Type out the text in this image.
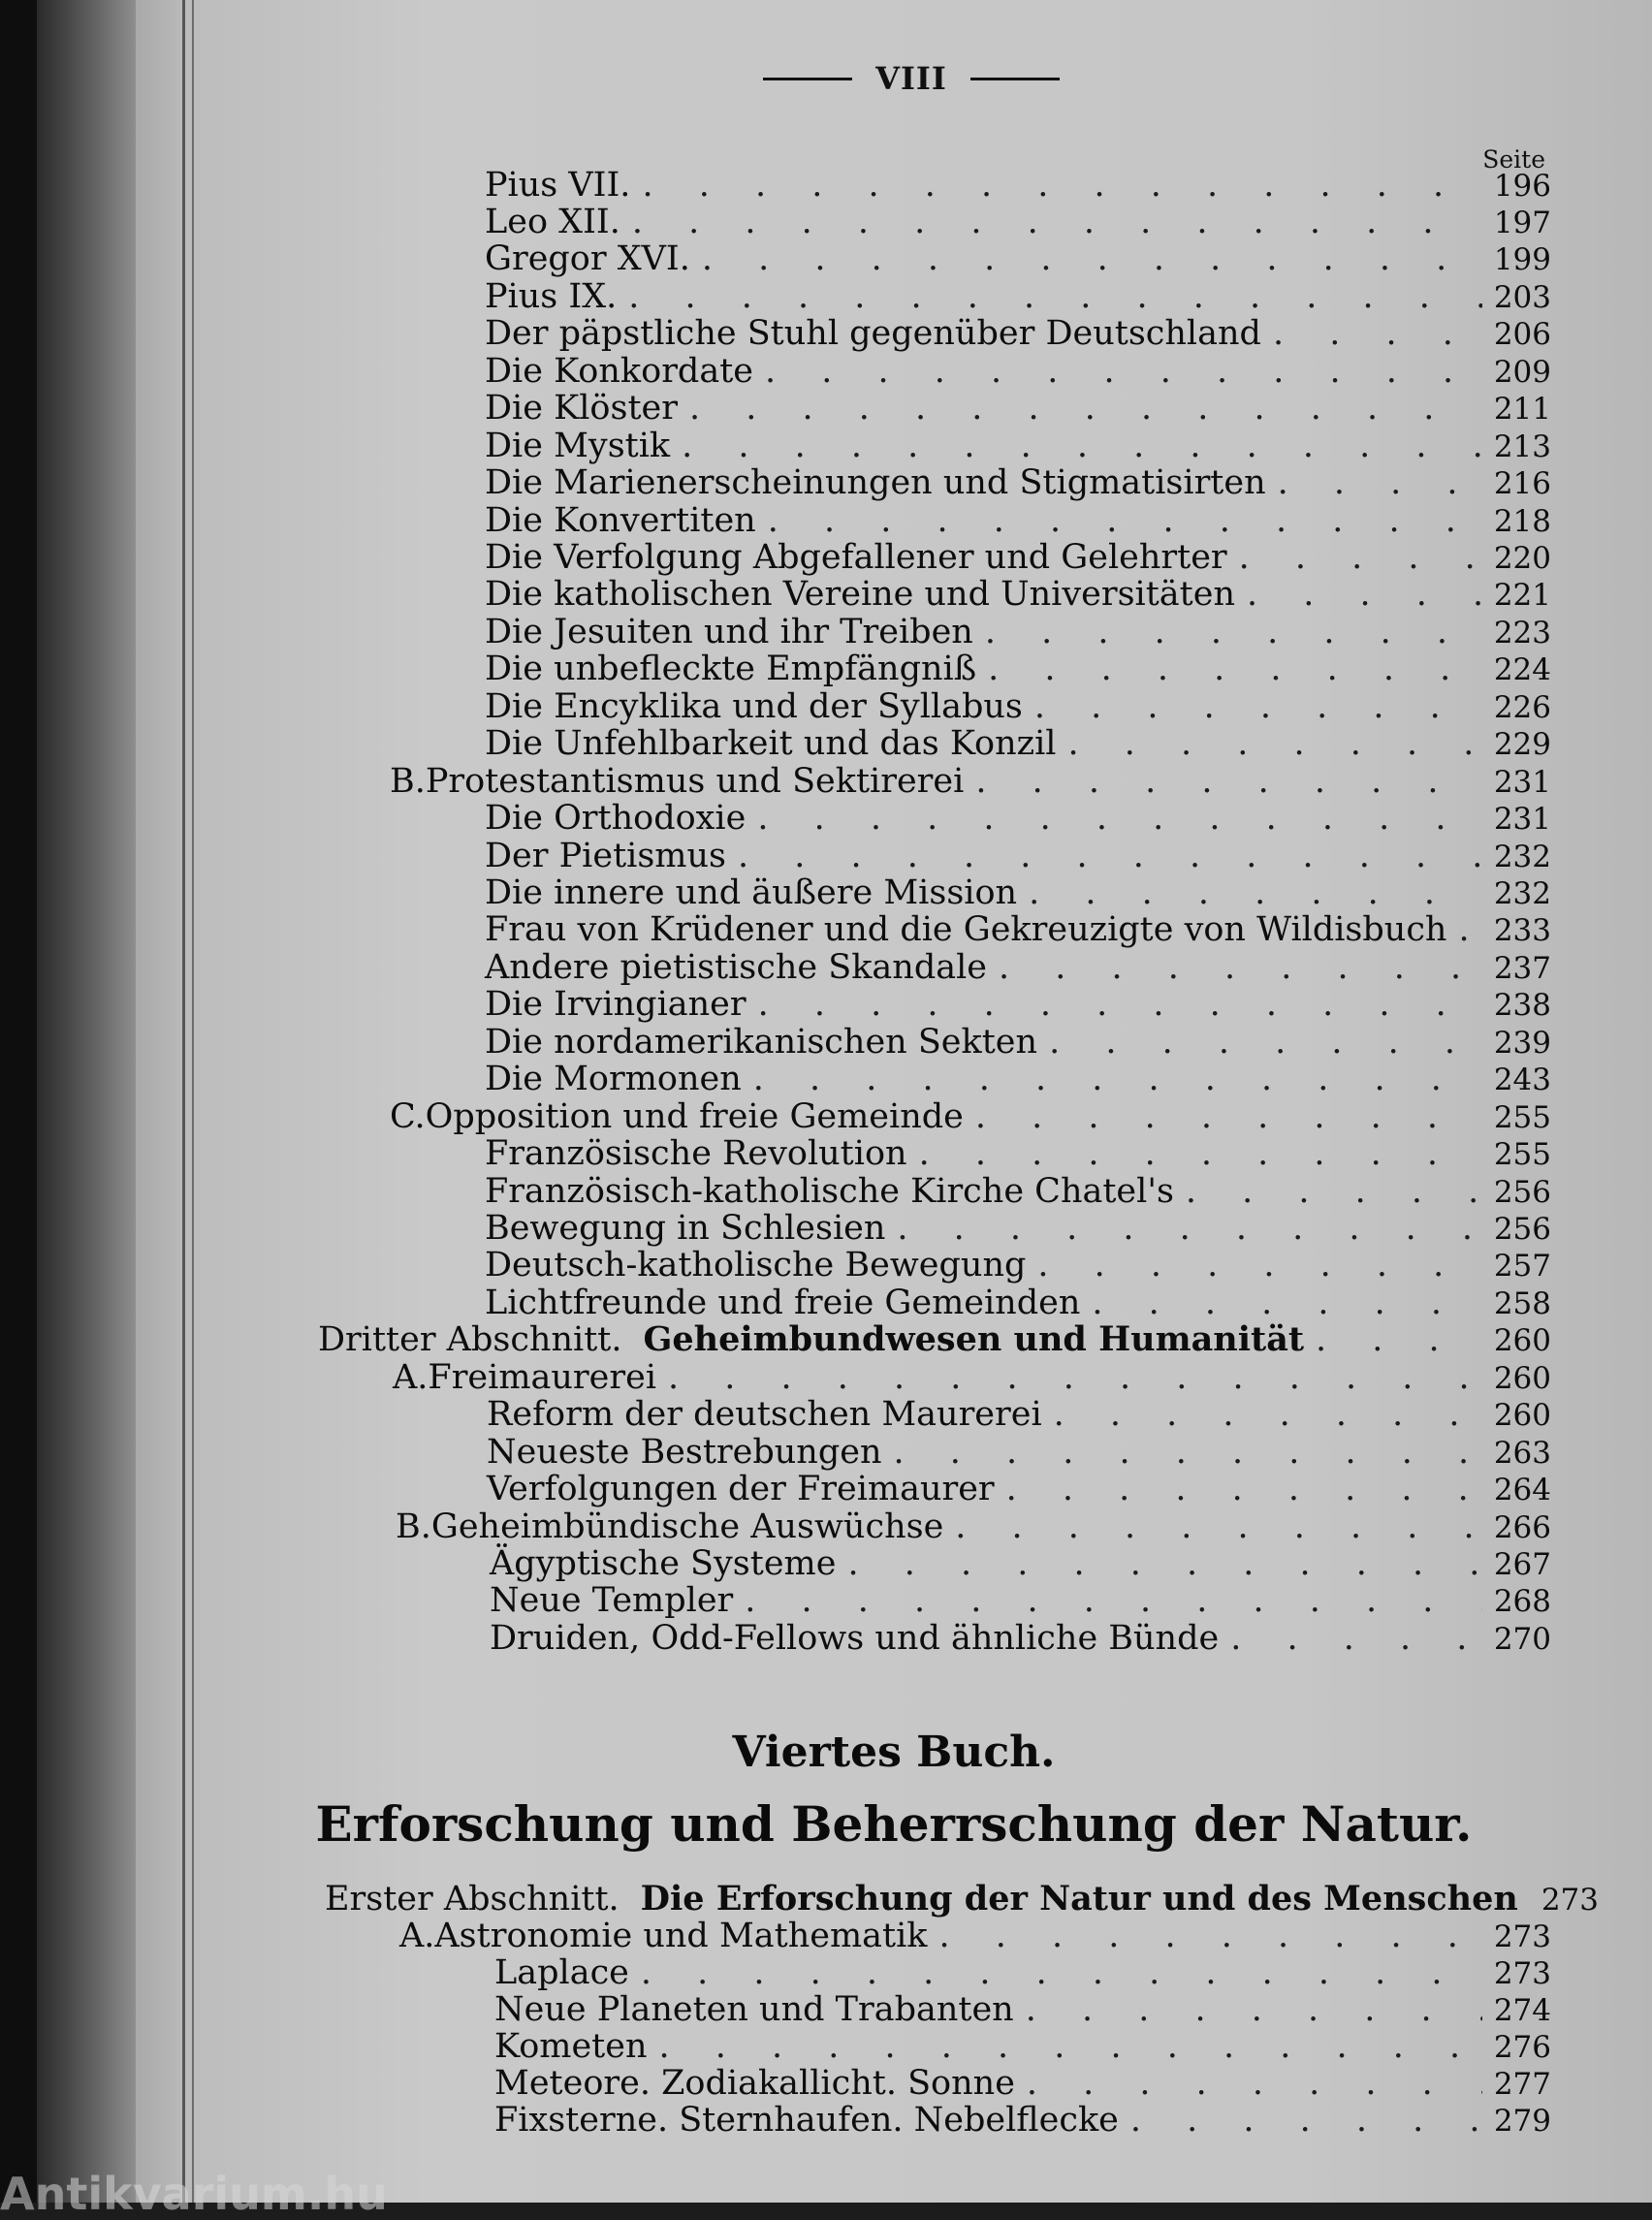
VIII
Seite
Pius VII. . . .	196
Leo XII. . . .	197
Gregor XVI. . . .	199
Pius IX. . . .	203
Der päpstliche Stuhl gegenüber Deutschland . . .	206
Die Konkordate . . .	209
Die Klöster . . .	211
Die Mystik . . .	213
Die Marienerscheinungen und Stigmatisirten . . .	216
Die Konvertiten . . .	218
Die Verfolgung Abgefallener und Gelehrter . . .	220
Die katholischen Vereine und Universitäten . . .	221
Die Jesuiten und ihr Treiben . . .	223
Die unbefleckte Empfängniß . . .	224
Die Encyklika und der Syllabus . . .	226
Die Unfehlbarkeit und das Konzil . . .	229
B. Protestantismus und Sektirerei . . .	231
Die Orthodoxie . . .	231
Der Pietismus . . .	232
Die innere und äußere Mission . . .	232
Frau von Krüdener und die Gekreuzigte von Wildisbuch . . . 233
Andere pietistische Skandale . . .	237
Die Irvingianer . . .	238
Die nordamerikanischen Sekten . . .	239
Die Mormonen . . .	243
C. Opposition und freie Gemeinde . . .	255
Französische Revolution . . .	255
Französisch-katholische Kirche Chatel's . . .	256
Bewegung in Schlesien . . .	256
Deutsch-katholische Bewegung . . .	257
Lichtfreunde und freie Gemeinden . . .	258
Dritter Abschnitt. Geheimbundwesen und Humanität . . .	260
A. Freimaurerei . . .	260
Reform der deutschen Maurerei . . .	260
Neueste Bestrebungen . . .	263
Verfolgungen der Freimaurer . . .	264
B. Geheimbündische Auswüchse . . .	266
Ägyptische Systeme . . .	267
Neue Templer . . .	268
Druiden, Odd-Fellows und ähnliche Bünde . . .	270
Viertes Buch.
Erforschung und Beherrschung der Natur.
Erster Abschnitt. Die Erforschung der Natur und des Menschen 273
A. Astronomie und Mathematik . . .	273
Laplace . . .	273
Neue Planeten und Trabanten . . .	274
Kometen . . .	276
Meteore. Zodiakallicht. Sonne . . .	277
Fixsterne. Sternhaufen. Nebelflecke . . .	279
Antikvarium.hu
